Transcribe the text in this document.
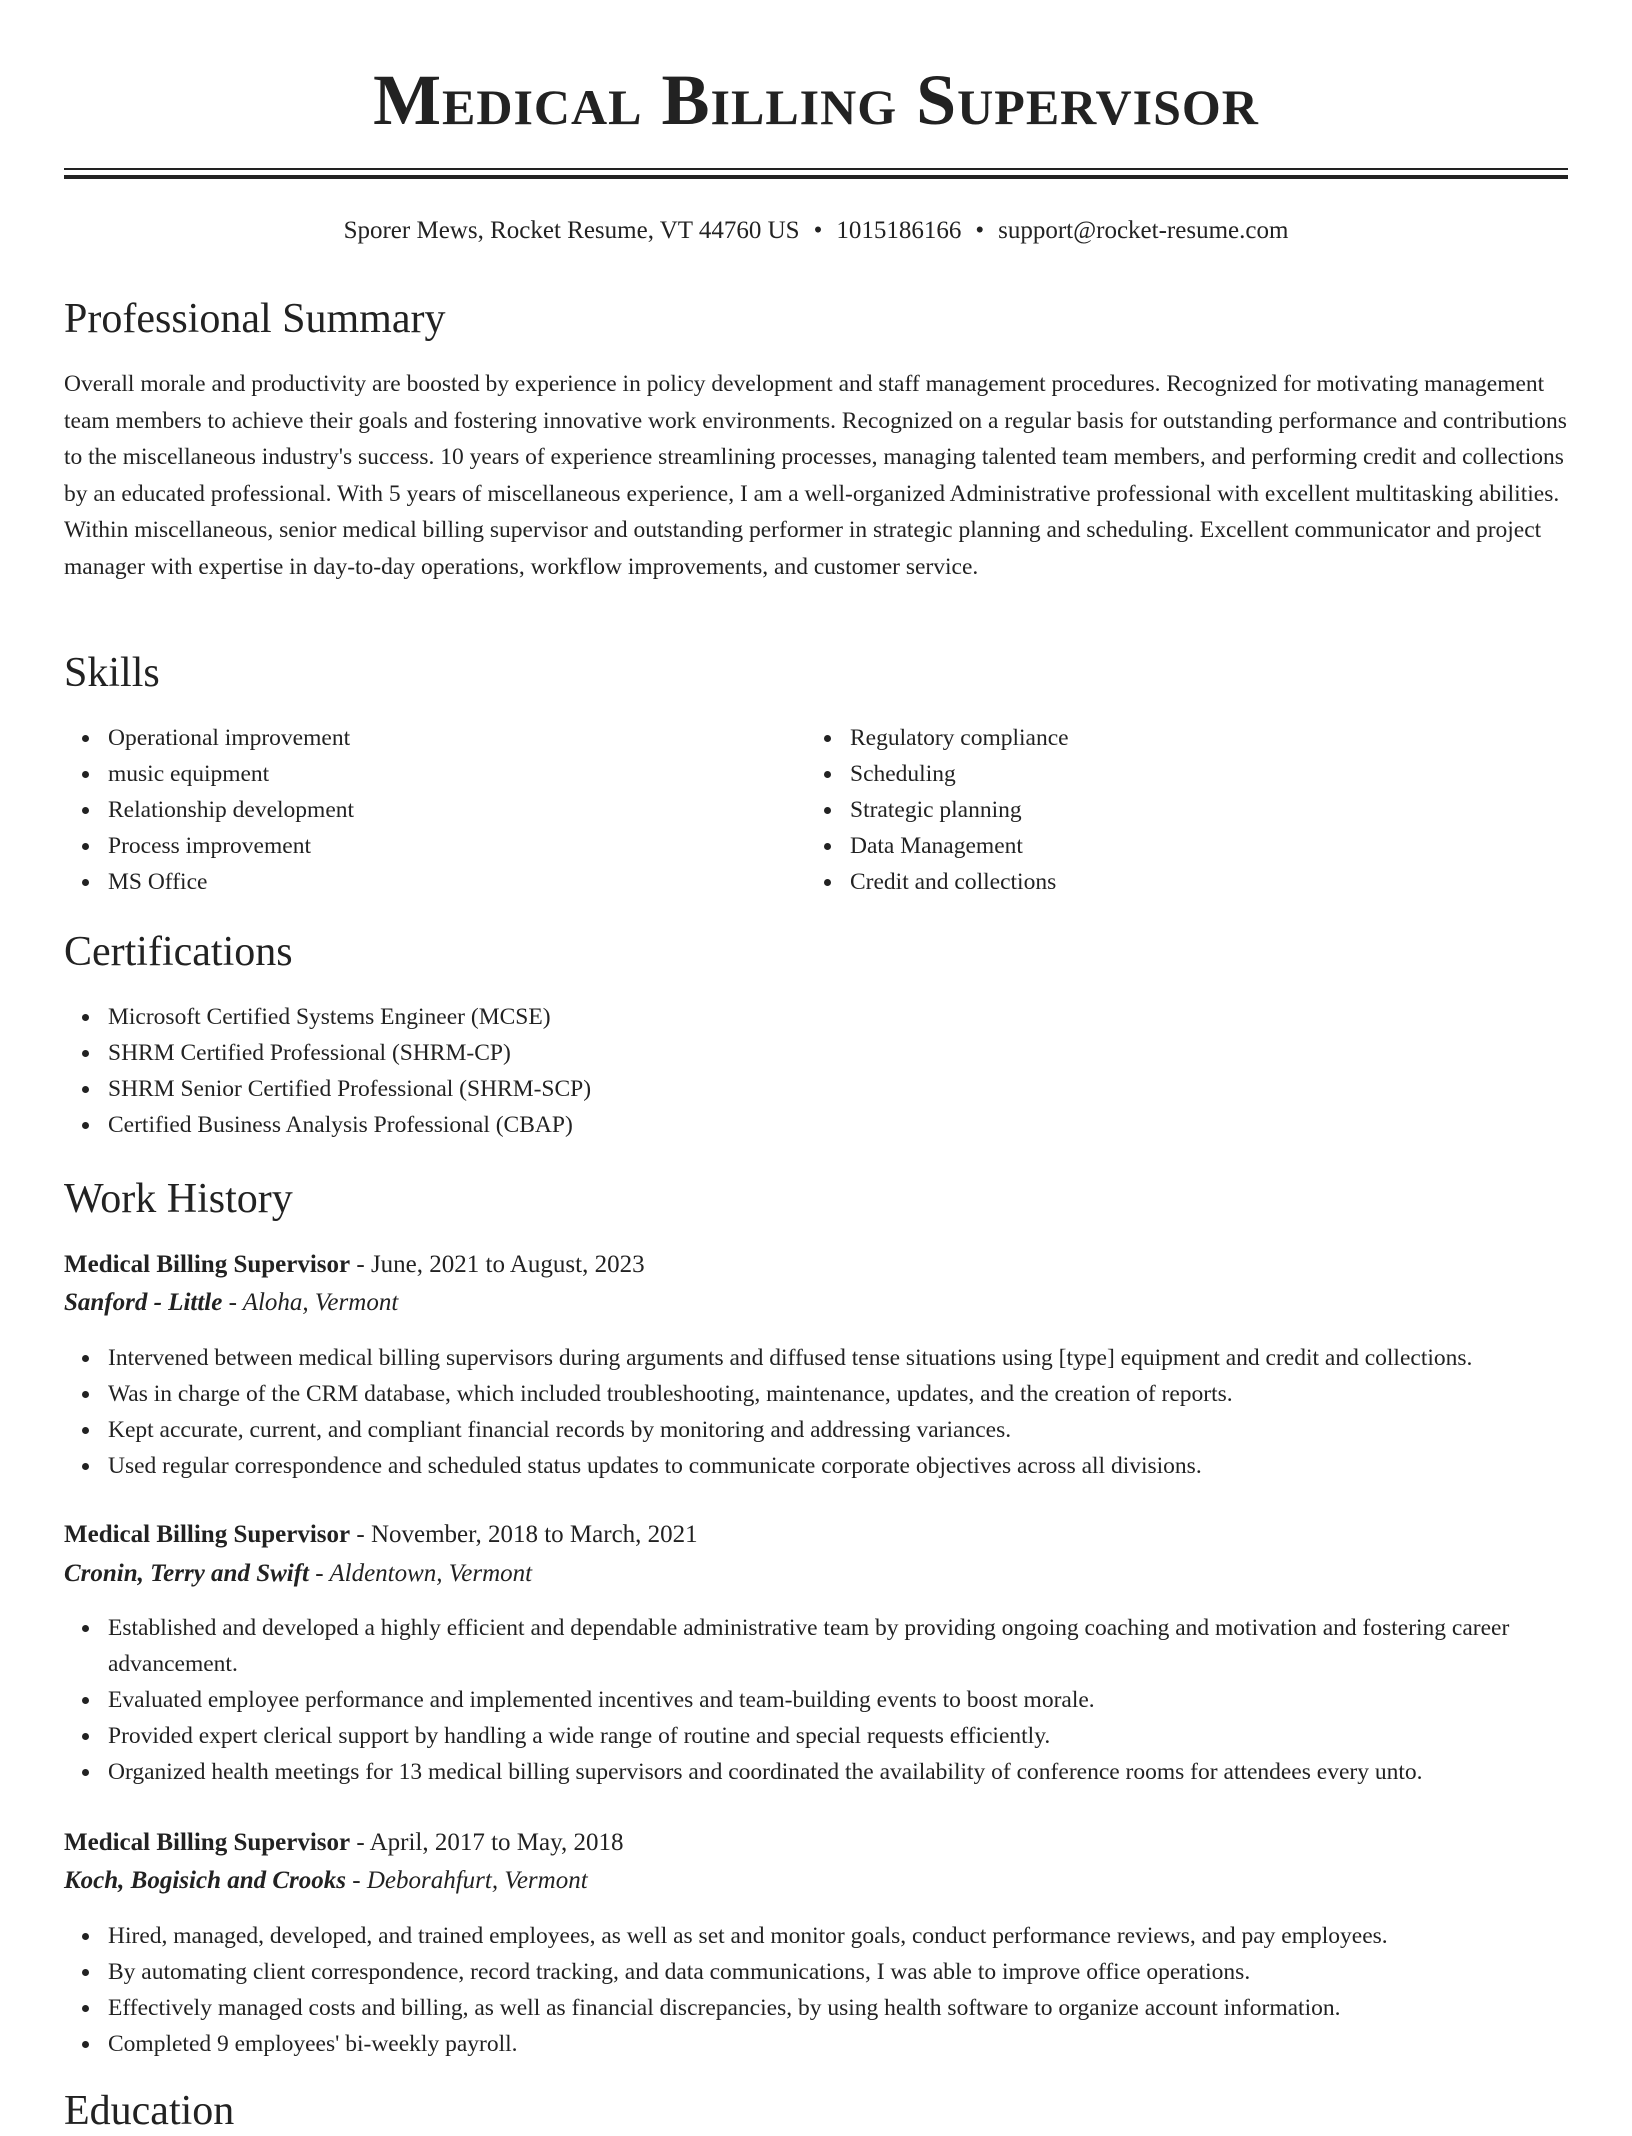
Medical Billing Supervisor
Sporer Mews, Rocket Resume, VT 44760 US • 1015186166 • support@rocket-resume.com
Professional Summary

Overall morale and productivity are boosted by experience in policy development and staff management procedures. Recognized for motivating management team members to achieve their goals and fostering innovative work environments. Recognized on a regular basis for outstanding performance and contributions to the miscellaneous industry's success. 10 years of experience streamlining processes, managing talented team members, and performing credit and collections by an educated professional. With 5 years of miscellaneous experience, I am a well-organized Administrative professional with excellent multitasking abilities. Within miscellaneous, senior medical billing supervisor and outstanding performer in strategic planning and scheduling. Excellent communicator and project manager with expertise in day-to-day operations, workflow improvements, and customer service.

Skills
Operational improvement
music equipment
Relationship development
Process improvement
MS Office
Regulatory compliance
Scheduling
Strategic planning
Data Management
Credit and collections
Certifications
Microsoft Certified Systems Engineer (MCSE)
SHRM Certified Professional (SHRM-CP)
SHRM Senior Certified Professional (SHRM-SCP)
Certified Business Analysis Professional (CBAP)
Work History
Medical Billing Supervisor - June, 2021 to August, 2023
Sanford - Little - Aloha, Vermont
Intervened between medical billing supervisors during arguments and diffused tense situations using [type] equipment and credit and collections.
Was in charge of the CRM database, which included troubleshooting, maintenance, updates, and the creation of reports.
Kept accurate, current, and compliant financial records by monitoring and addressing variances.
Used regular correspondence and scheduled status updates to communicate corporate objectives across all divisions.
Medical Billing Supervisor - November, 2018 to March, 2021
Cronin, Terry and Swift - Aldentown, Vermont
Established and developed a highly efficient and dependable administrative team by providing ongoing coaching and motivation and fostering career advancement.
Evaluated employee performance and implemented incentives and team-building events to boost morale.
Provided expert clerical support by handling a wide range of routine and special requests efficiently.
Organized health meetings for 13 medical billing supervisors and coordinated the availability of conference rooms for attendees every unto.
Medical Billing Supervisor - April, 2017 to May, 2018
Koch, Bogisich and Crooks - Deborahfurt, Vermont
Hired, managed, developed, and trained employees, as well as set and monitor goals, conduct performance reviews, and pay employees.
By automating client correspondence, record tracking, and data communications, I was able to improve office operations.
Effectively managed costs and billing, as well as financial discrepancies, by using health software to organize account information.
Completed 9 employees' bi-weekly payroll.
Education
